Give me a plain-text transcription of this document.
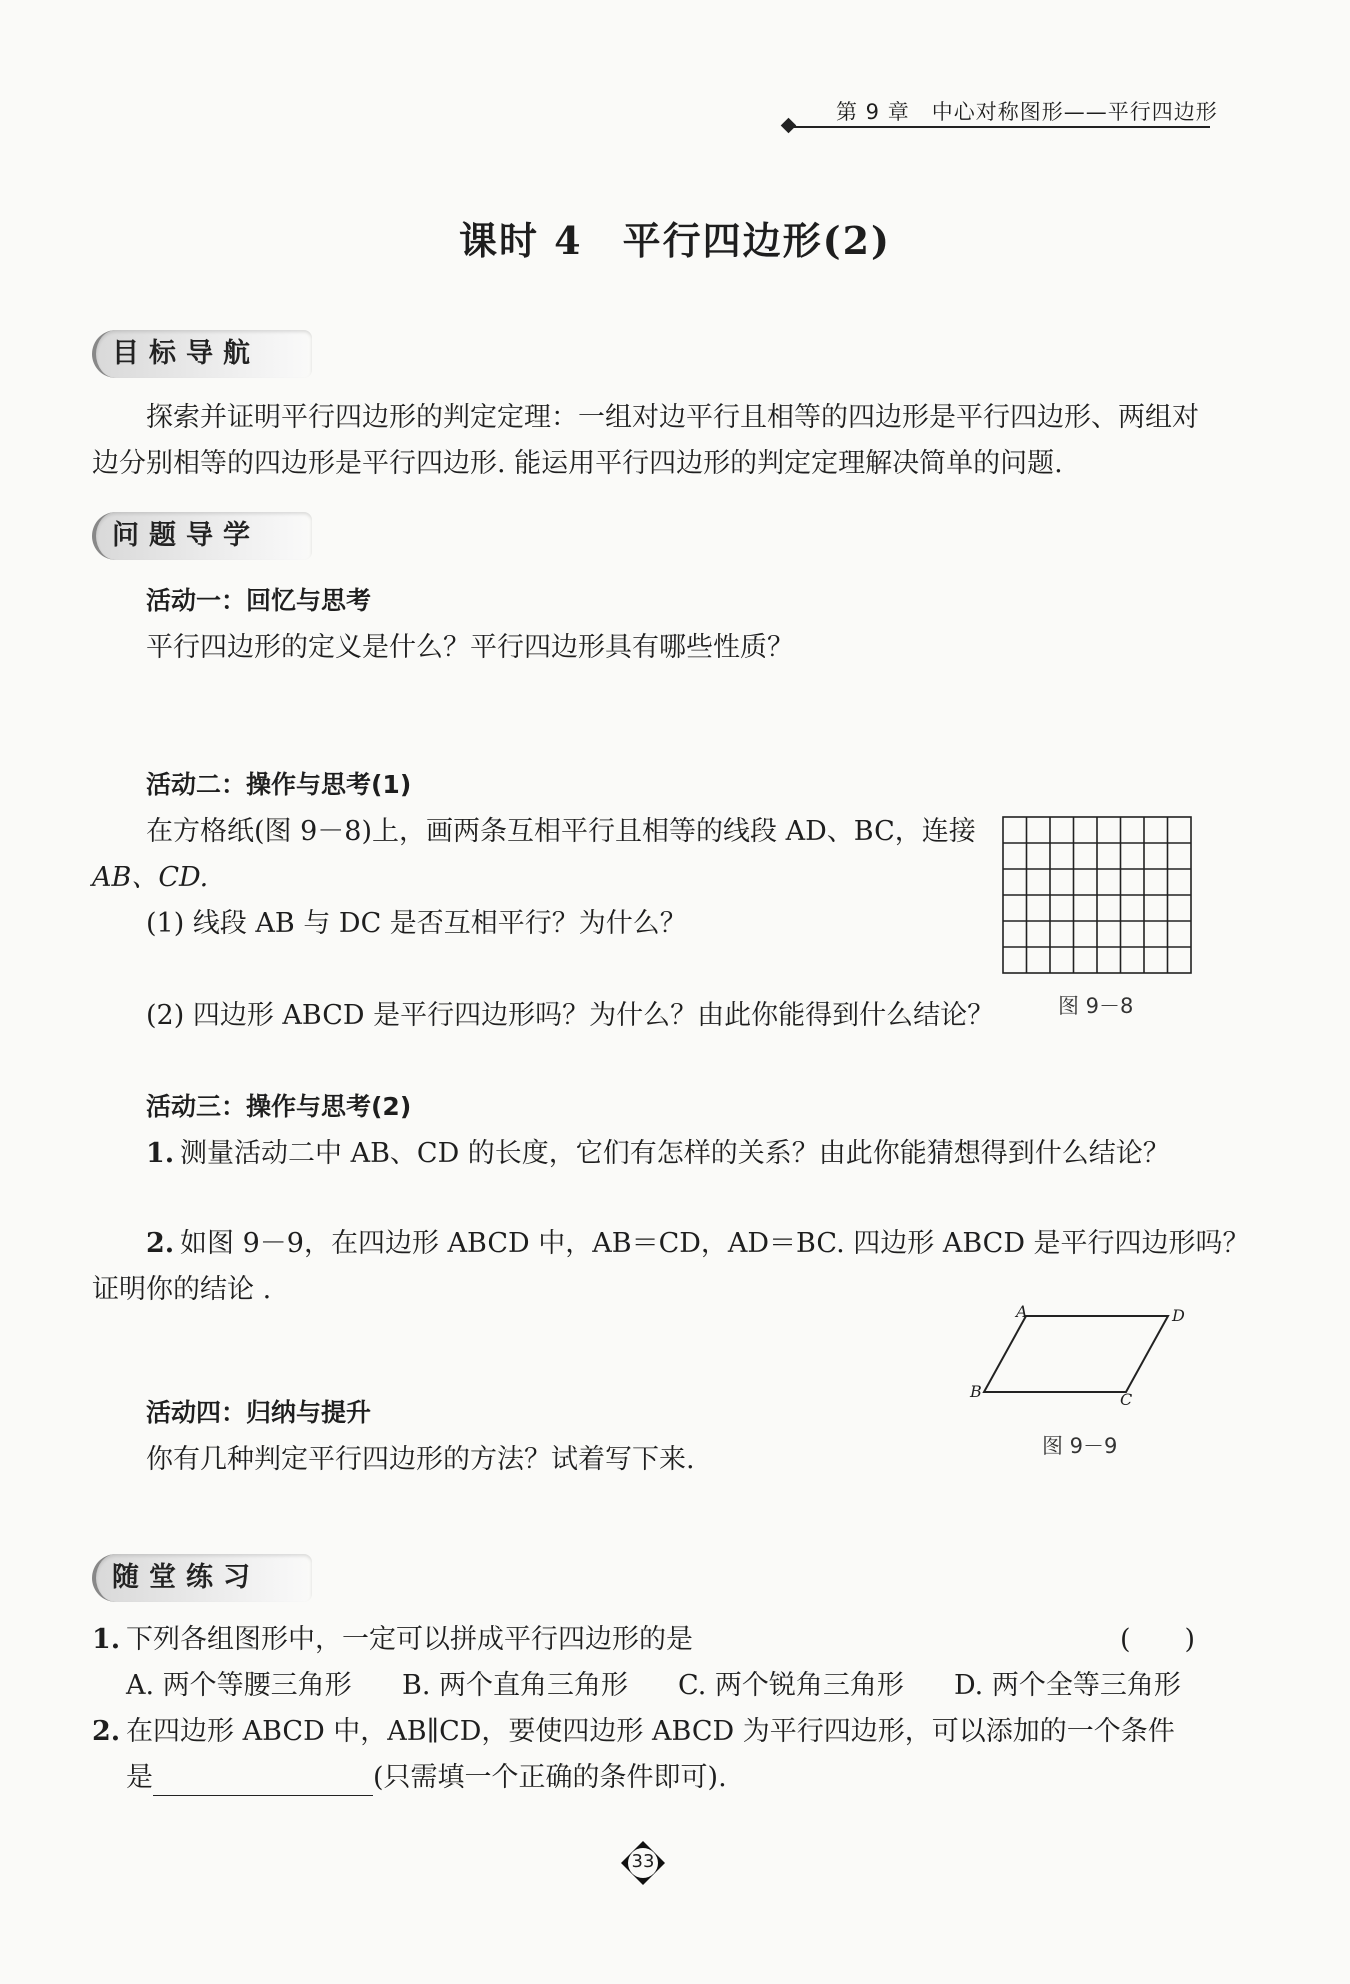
第 9 章　中心对称图形——平行四边形
课时 4　平行四边形(2)
目标导航
探索并证明平行四边形的判定定理：一组对边平行且相等的四边形是平行四边形、两组对
边分别相等的四边形是平行四边形. 能运用平行四边形的判定定理解决简单的问题.
问题导学
活动一：回忆与思考
平行四边形的定义是什么？平行四边形具有哪些性质？
活动二：操作与思考(1)
在方格纸(图 9－8)上，画两条互相平行且相等的线段 AD、BC，连接
AB、CD.
(1) 线段 AB 与 DC 是否互相平行？为什么？
(2) 四边形 ABCD 是平行四边形吗？为什么？由此你能得到什么结论？	图 9－8
活动三：操作与思考(2)
1. 测量活动二中 AB、CD 的长度，它们有怎样的关系？由此你能猜想得到什么结论？
2. 如图 9－9，在四边形 ABCD 中，AB＝CD，AD＝BC. 四边形 ABCD 是平行四边形吗？
证明你的结论 .
A	D
B	C
图 9－9
活动四：归纳与提升
你有几种判定平行四边形的方法？试着写下来.
随堂练习
1. 下列各组图形中，一定可以拼成平行四边形的是	(　　)
A. 两个等腰三角形 B. 两个直角三角形 C. 两个锐角三角形 D. 两个全等三角形
2. 在四边形 ABCD 中，AB∥CD，要使四边形 ABCD 为平行四边形，可以添加的一个条件
是	(只需填一个正确的条件即可).
33
